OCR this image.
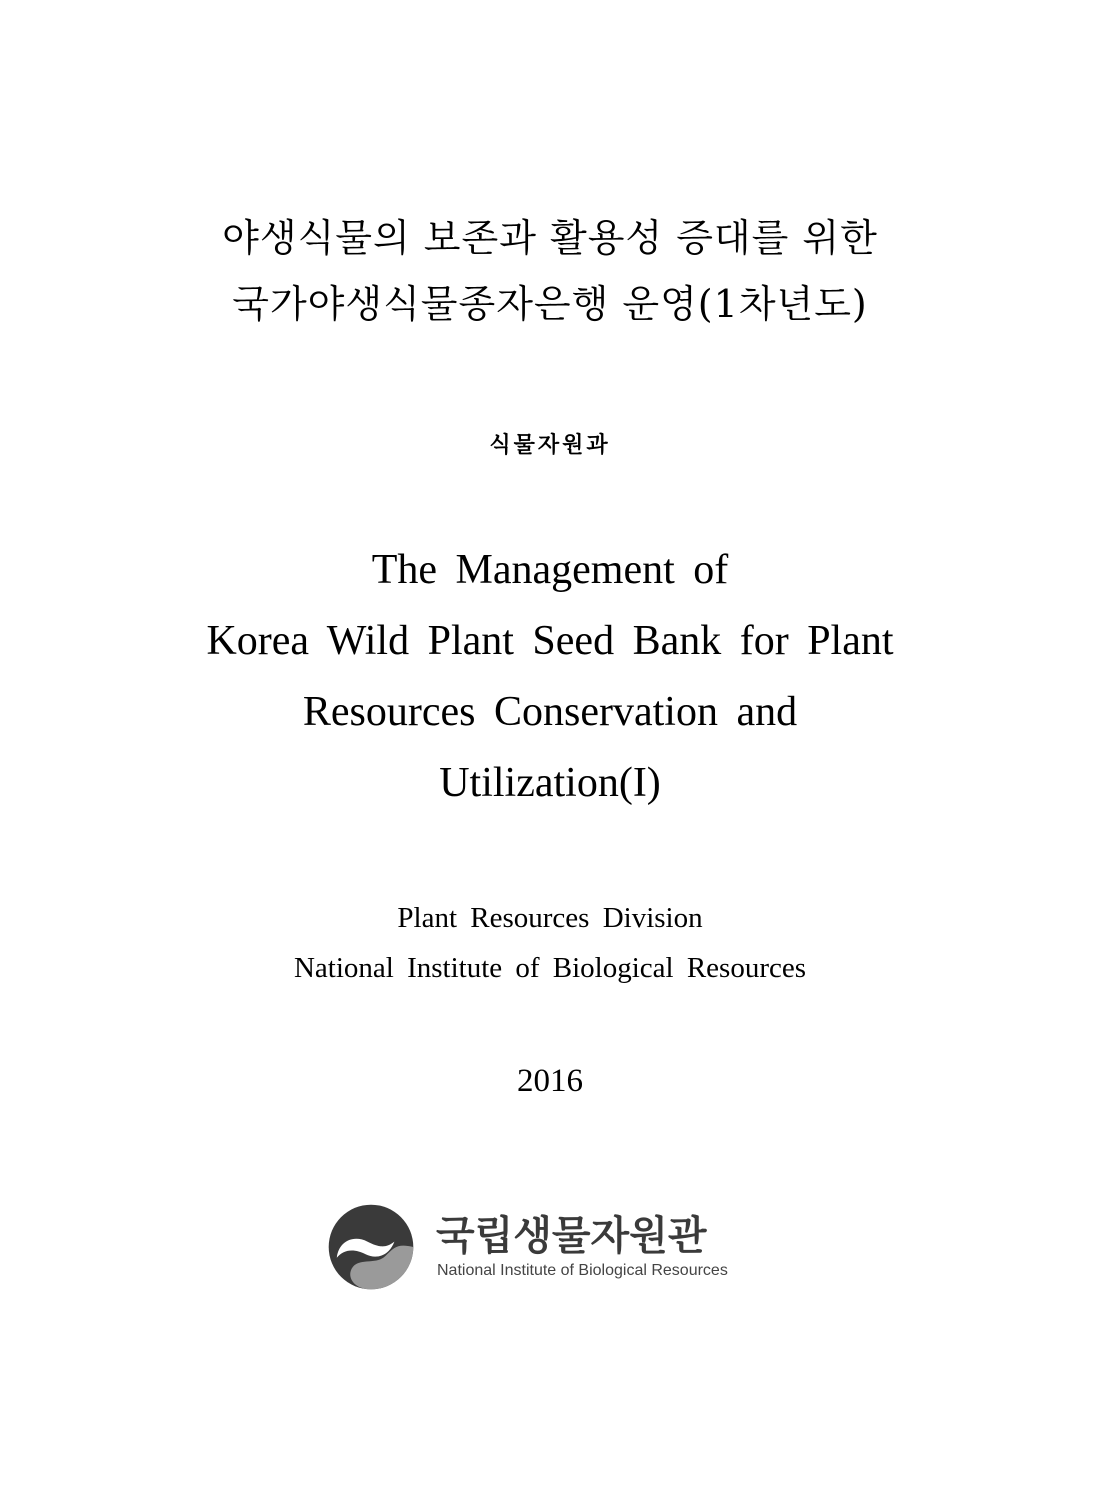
야생식물의 보존과 활용성 증대를 위한
국가야생식물종자은행 운영(1차년도)
식물자원과
The Management of
Korea Wild Plant Seed Bank for Plant
Resources Conservation and
Utilization(I)
Plant Resources Division
National Institute of Biological Resources
2016
국립생물자원관
National Institute of Biological Resources
